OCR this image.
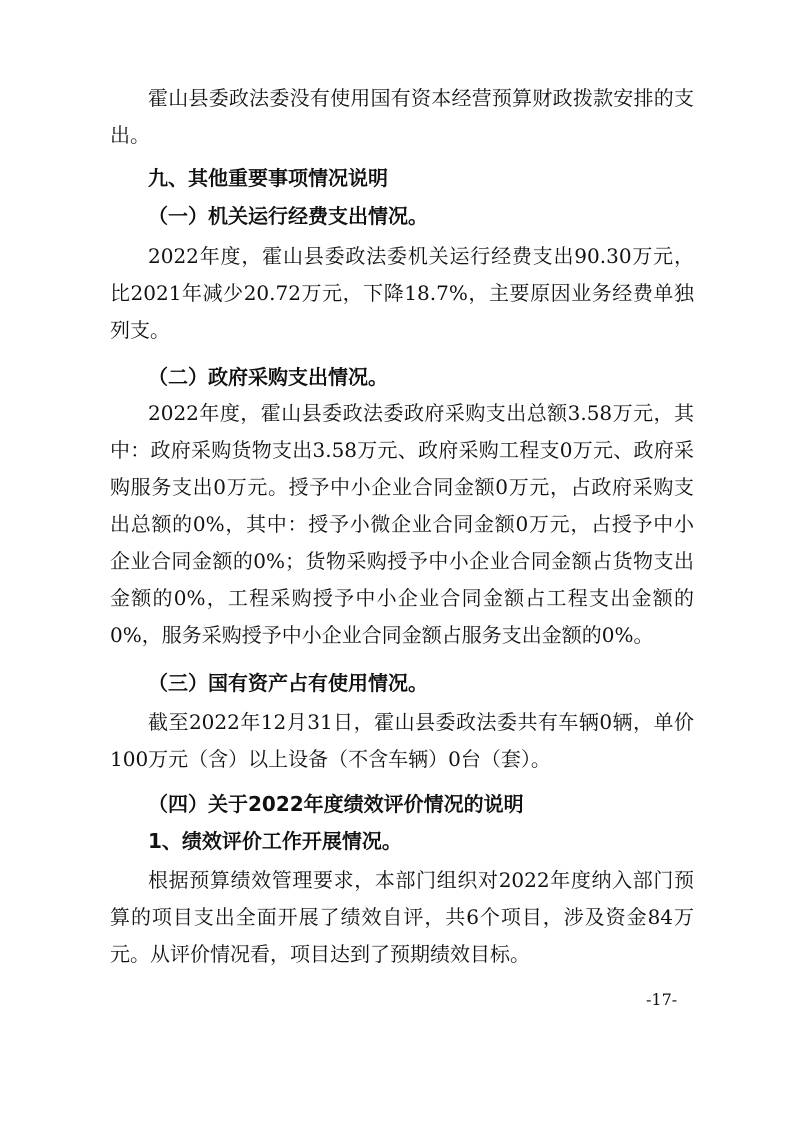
霍山县委政法委没有使用国有资本经营预算财政拨款安排的支出。

九、其他重要事项情况说明

（一）机关运行经费支出情况。

2022年度，霍山县委政法委机关运行经费支出90.30万元，比2021年减少20.72万元，下降18.7%，主要原因业务经费单独列支。

（二）政府采购支出情况。

2022年度，霍山县委政法委政府采购支出总额3.58万元，其中：政府采购货物支出3.58万元、政府采购工程支0万元、政府采购服务支出0万元。授予中小企业合同金额0万元，占政府采购支出总额的0%，其中：授予小微企业合同金额0万元，占授予中小企业合同金额的0%；货物采购授予中小企业合同金额占货物支出金额的0%，工程采购授予中小企业合同金额占工程支出金额的0%，服务采购授予中小企业合同金额占服务支出金额的0%。

（三）国有资产占有使用情况。

截至2022年12月31日，霍山县委政法委共有车辆0辆，单价100万元（含）以上设备（不含车辆）0台（套）。

（四）关于2022年度绩效评价情况的说明

1、绩效评价工作开展情况。

根据预算绩效管理要求，本部门组织对2022年度纳入部门预算的项目支出全面开展了绩效自评，共6个项目，涉及资金84万元。从评价情况看，项目达到了预期绩效目标。

-17-
